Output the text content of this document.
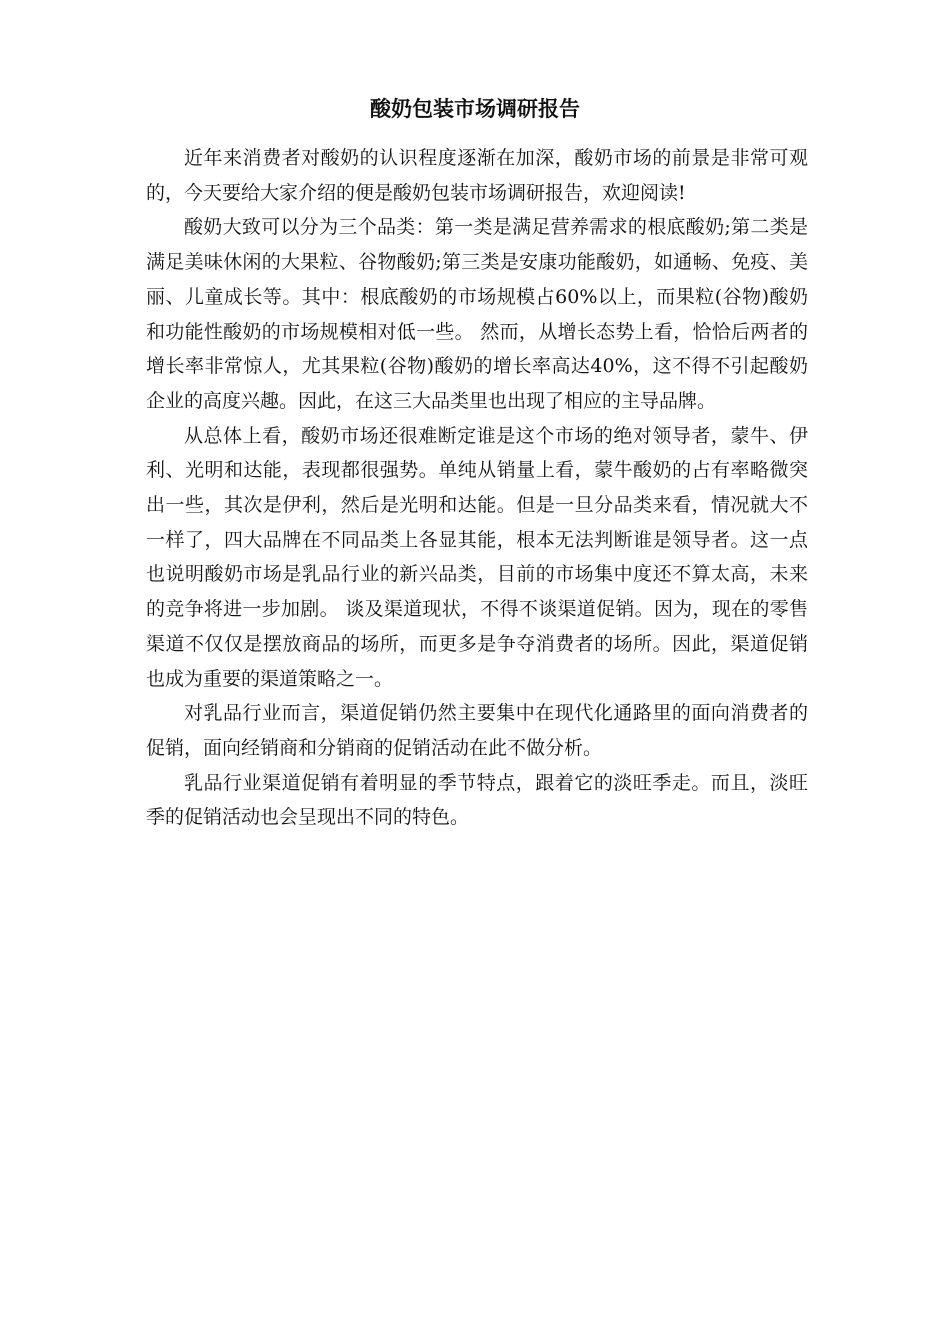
酸奶包装市场调研报告

近年来消费者对酸奶的认识程度逐渐在加深，酸奶市场的前景是非常可观的，今天要给大家介绍的便是酸奶包装市场调研报告，欢迎阅读!

酸奶大致可以分为三个品类：第一类是满足营养需求的根底酸奶;第二类是满足美味休闲的大果粒、谷物酸奶;第三类是安康功能酸奶，如通畅、免疫、美丽、儿童成长等。其中：根底酸奶的市场规模占60%以上，而果粒(谷物)酸奶和功能性酸奶的市场规模相对低一些。 然而，从增长态势上看，恰恰后两者的增长率非常惊人，尤其果粒(谷物)酸奶的增长率高达40%，这不得不引起酸奶企业的高度兴趣。因此，在这三大品类里也出现了相应的主导品牌。

从总体上看，酸奶市场还很难断定谁是这个市场的绝对领导者，蒙牛、伊利、光明和达能，表现都很强势。单纯从销量上看，蒙牛酸奶的占有率略微突出一些，其次是伊利，然后是光明和达能。但是一旦分品类来看，情况就大不一样了，四大品牌在不同品类上各显其能，根本无法判断谁是领导者。这一点也说明酸奶市场是乳品行业的新兴品类，目前的市场集中度还不算太高，未来的竞争将进一步加剧。 谈及渠道现状，不得不谈渠道促销。因为，现在的零售渠道不仅仅是摆放商品的场所，而更多是争夺消费者的场所。因此，渠道促销也成为重要的渠道策略之一。

对乳品行业而言，渠道促销仍然主要集中在现代化通路里的面向消费者的促销，面向经销商和分销商的促销活动在此不做分析。

乳品行业渠道促销有着明显的季节特点，跟着它的淡旺季走。而且，淡旺季的促销活动也会呈现出不同的特色。
